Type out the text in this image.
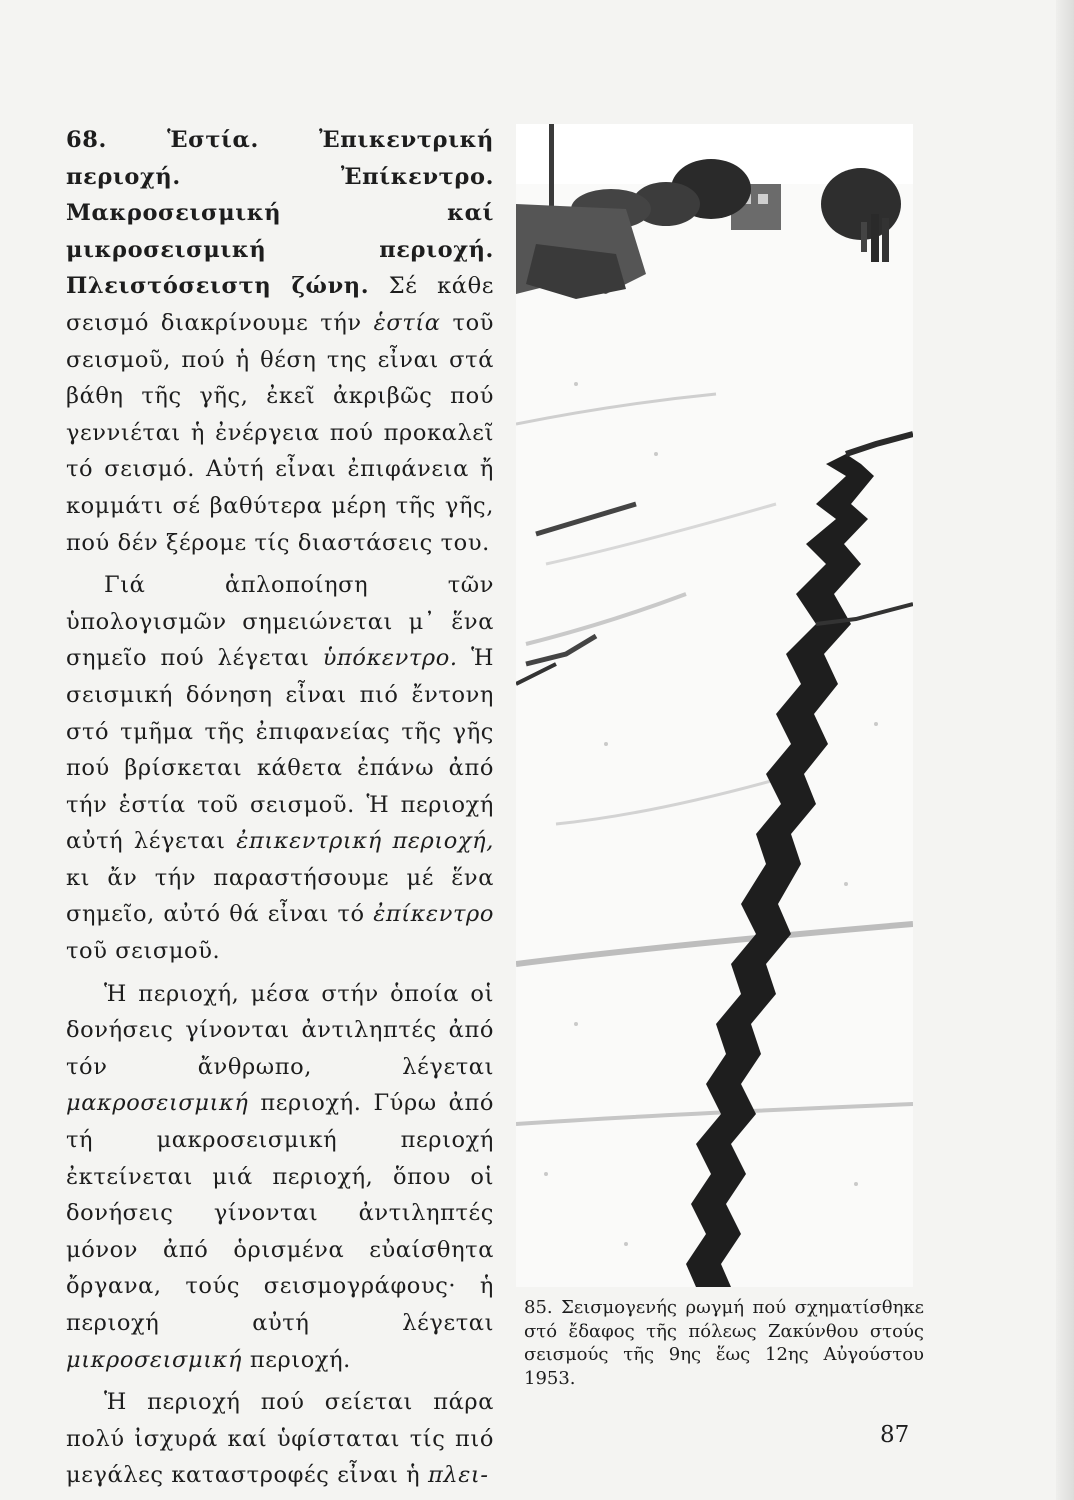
68. Ἑστία. Ἐπικεντρική περιοχή. Ἐπίκεντρο. Μακροσεισμική καί μικροσεισμική περιοχή. Πλειστόσειστη ζώνη. Σέ κάθε σεισμό διακρίνουμε τήν ἑστία τοῦ σεισμοῦ, πού ἡ θέση της εἶναι στά βάθη τῆς γῆς, ἐκεῖ ἀκριβῶς πού γεννιέται ἡ ἐνέργεια πού προκαλεῖ τό σεισμό. Αὐτή εἶναι ἐπιφάνεια ἤ κομμάτι σέ βαθύτερα μέρη τῆς γῆς, πού δέν ξέρομε τίς διαστάσεις του.

Γιά ἁπλοποίηση τῶν ὑπολογισμῶν σημειώνεται μ᾽ ἕνα σημεῖο πού λέγεται ὑπόκεντρο. Ἡ σεισμική δόνηση εἶναι πιό ἔντονη στό τμῆμα τῆς ἐπιφανείας τῆς γῆς πού βρίσκεται κάθετα ἐπάνω ἀπό τήν ἑστία τοῦ σεισμοῦ. Ἡ περιοχή αὐτή λέγεται ἐπικεντρική περιοχή, κι ἄν τήν παραστήσουμε μέ ἕνα σημεῖο, αὐτό θά εἶναι τό ἐπίκεντρο τοῦ σεισμοῦ.

Ἡ περιοχή, μέσα στήν ὁποία οἱ δονήσεις γίνονται ἀντιληπτές ἀπό τόν ἄνθρωπο, λέγεται μακροσεισμική περιοχή. Γύρω ἀπό τή μακροσεισμική περιοχή ἐκτείνεται μιά περιοχή, ὅπου οἱ δονήσεις γίνονται ἀντιληπτές μόνον ἀπό ὁρισμένα εὐαίσθητα ὄργανα, τούς σεισμογράφους· ἡ περιοχή αὐτή λέγεται μικροσεισμική περιοχή.

Ἡ περιοχή πού σείεται πάρα πολύ ἰσχυρά καί ὑφίσταται τίς πιό μεγάλες καταστροφές εἶναι ἡ πλει-

85. Σεισμογενής ρωγμή πού σχηματίσθηκε στό ἔδαφος τῆς πόλεως Ζακύνθου στούς σεισμούς τῆς 9ης ἕως 12ης Αὐγούστου 1953.
87
